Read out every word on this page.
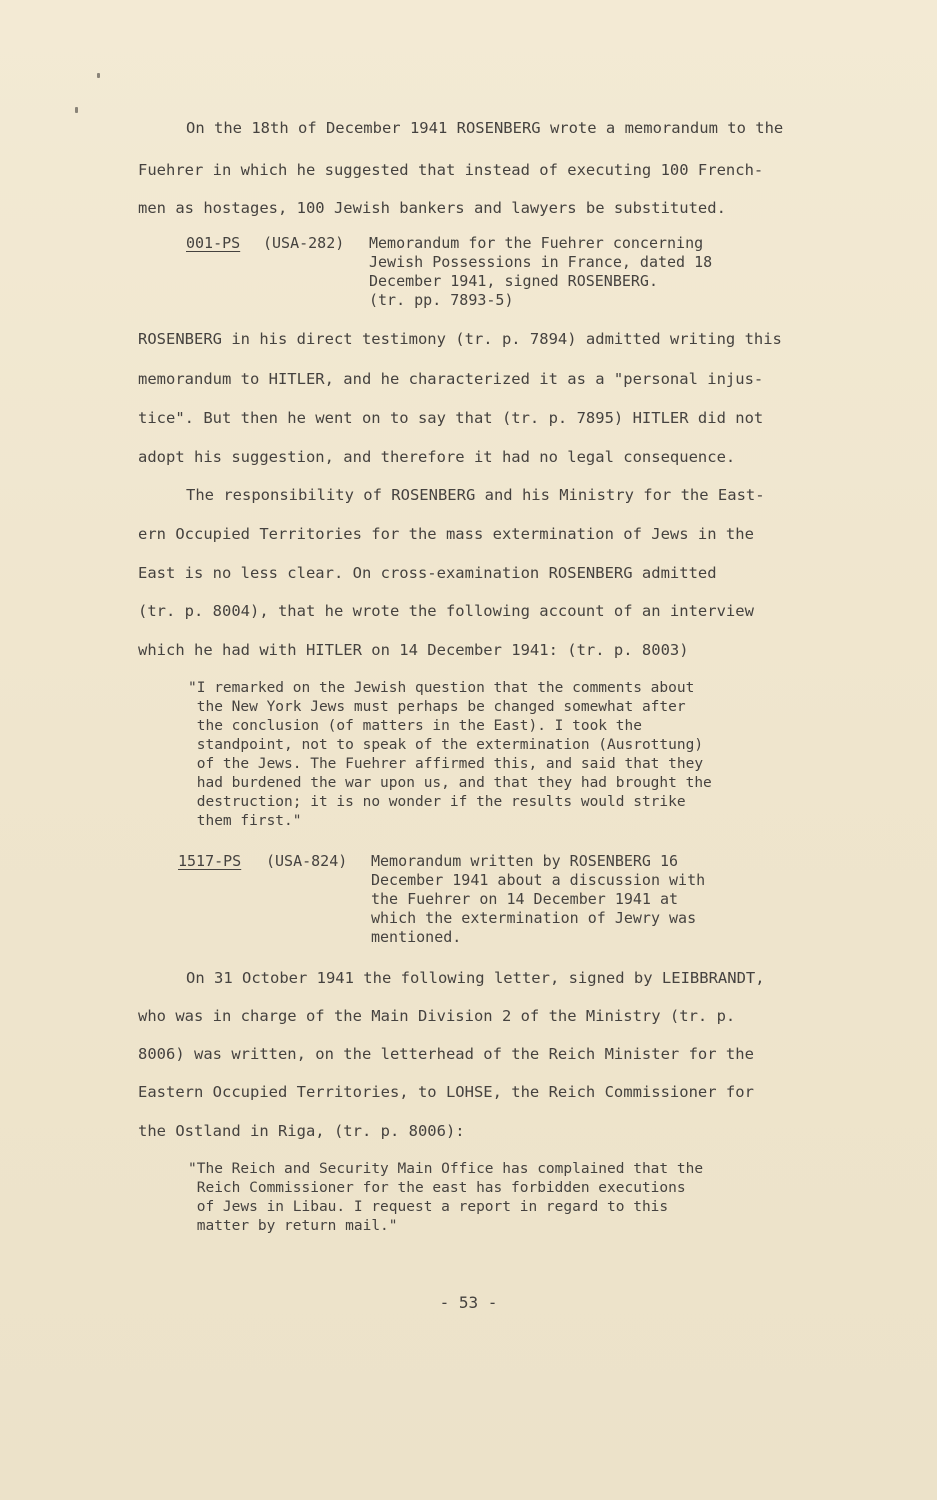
On the 18th of December 1941 ROSENBERG wrote a memorandum to the
Fuehrer in which he suggested that instead of executing 100 French-
men as hostages, 100 Jewish bankers and lawyers be substituted.
001-PS (USA-282) Memorandum for the Fuehrer concerning
Jewish Possessions in France, dated 18
December 1941, signed ROSENBERG.
(tr. pp. 7893-5)
ROSENBERG in his direct testimony (tr. p. 7894) admitted writing this
memorandum to HITLER, and he characterized it as a "personal injus-
tice". But then he went on to say that (tr. p. 7895) HITLER did not
adopt his suggestion, and therefore it had no legal consequence.
The responsibility of ROSENBERG and his Ministry for the East-
ern Occupied Territories for the mass extermination of Jews in the
East is no less clear. On cross-examination ROSENBERG admitted
(tr. p. 8004), that he wrote the following account of an interview
which he had with HITLER on 14 December 1941: (tr. p. 8003)
"I remarked on the Jewish question that the comments about
the New York Jews must perhaps be changed somewhat after
the conclusion (of matters in the East). I took the
standpoint, not to speak of the extermination (Ausrottung)
of the Jews. The Fuehrer affirmed this, and said that they
had burdened the war upon us, and that they had brought the
destruction; it is no wonder if the results would strike
them first."
1517-PS (USA-824) Memorandum written by ROSENBERG 16
December 1941 about a discussion with
the Fuehrer on 14 December 1941 at
which the extermination of Jewry was
mentioned.
On 31 October 1941 the following letter, signed by LEIBBRANDT,
who was in charge of the Main Division 2 of the Ministry (tr. p.
8006) was written, on the letterhead of the Reich Minister for the
Eastern Occupied Territories, to LOHSE, the Reich Commissioner for
the Ostland in Riga, (tr. p. 8006):
"The Reich and Security Main Office has complained that the
Reich Commissioner for the east has forbidden executions
of Jews in Libau. I request a report in regard to this
matter by return mail."
- 53 -
